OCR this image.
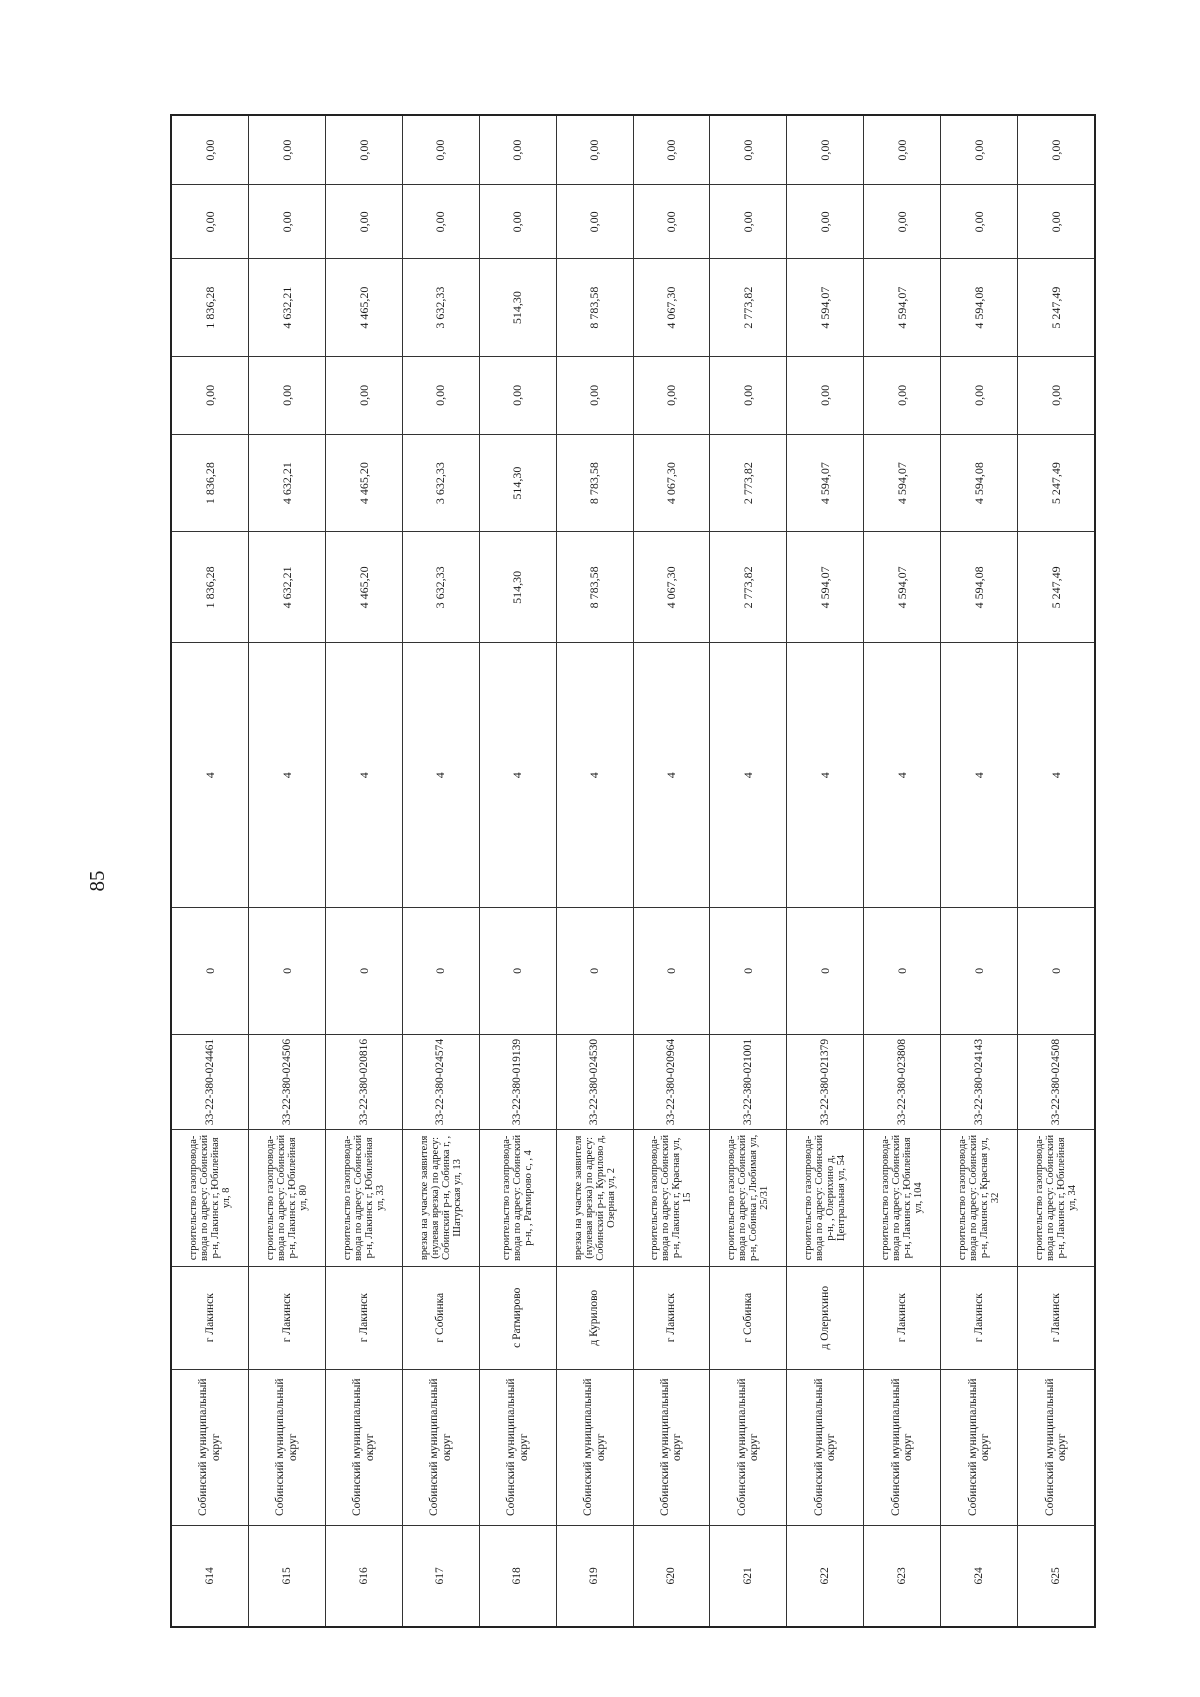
85
614
Собинский муниципальный округ
г Лакинск
строительство газопровода-ввода по адресу: Собинский р-н, Лакинск г, Юбилейная ул, 8
33-22-380-024461
0
4
1 836,28
1 836,28
0,00
1 836,28
0,00
0,00
615
Собинский муниципальный округ
г Лакинск
строительство газопровода-ввода по адресу: Собинский р-н, Лакинск г, Юбилейная ул, 80
33-22-380-024506
0
4
4 632,21
4 632,21
0,00
4 632,21
0,00
0,00
616
Собинский муниципальный округ
г Лакинск
строительство газопровода-ввода по адресу: Собинский р-н, Лакинск г, Юбилейная ул, 33
33-22-380-020816
0
4
4 465,20
4 465,20
0,00
4 465,20
0,00
0,00
617
Собинский муниципальный округ
г Собинка
врезка на участке заявителя (нулевая врезка) по адресу: Собинский р-н, Собинка г, , Шатурская ул, 13
33-22-380-024574
0
4
3 632,33
3 632,33
0,00
3 632,33
0,00
0,00
618
Собинский муниципальный округ
с Ратмирово
строительство газопровода-ввода по адресу: Собинский р-н, , Ратмирово с, , 4
33-22-380-019139
0
4
514,30
514,30
0,00
514,30
0,00
0,00
619
Собинский муниципальный округ
д Курилово
врезка на участке заявителя (нулевая врезка) по адресу: Собинский р-н, Курилово д, Озерная ул, 2
33-22-380-024530
0
4
8 783,58
8 783,58
0,00
8 783,58
0,00
0,00
620
Собинский муниципальный округ
г Лакинск
строительство газопровода-ввода по адресу: Собинский р-н, Лакинск г, Красная ул, 15
33-22-380-020964
0
4
4 067,30
4 067,30
0,00
4 067,30
0,00
0,00
621
Собинский муниципальный округ
г Собинка
строительство газопровода-ввода по адресу: Собинский р-н, Собинка г, Любимая ул, 25/31
33-22-380-021001
0
4
2 773,82
2 773,82
0,00
2 773,82
0,00
0,00
622
Собинский муниципальный округ
д Олерихино
строительство газопровода-ввода по адресу: Собинский р-н, , Олерихино д, Центральная ул, 54
33-22-380-021379
0
4
4 594,07
4 594,07
0,00
4 594,07
0,00
0,00
623
Собинский муниципальный округ
г Лакинск
строительство газопровода-ввода по адресу: Собинский р-н, Лакинск г, Юбилейная ул, 104
33-22-380-023808
0
4
4 594,07
4 594,07
0,00
4 594,07
0,00
0,00
624
Собинский муниципальный округ
г Лакинск
строительство газопровода-ввода по адресу: Собинский р-н, Лакинск г, Красная ул, 32
33-22-380-024143
0
4
4 594,08
4 594,08
0,00
4 594,08
0,00
0,00
625
Собинский муниципальный округ
г Лакинск
строительство газопровода-ввода по адресу: Собинский р-н, Лакинск г, Юбилейная ул, 34
33-22-380-024508
0
4
5 247,49
5 247,49
0,00
5 247,49
0,00
0,00
